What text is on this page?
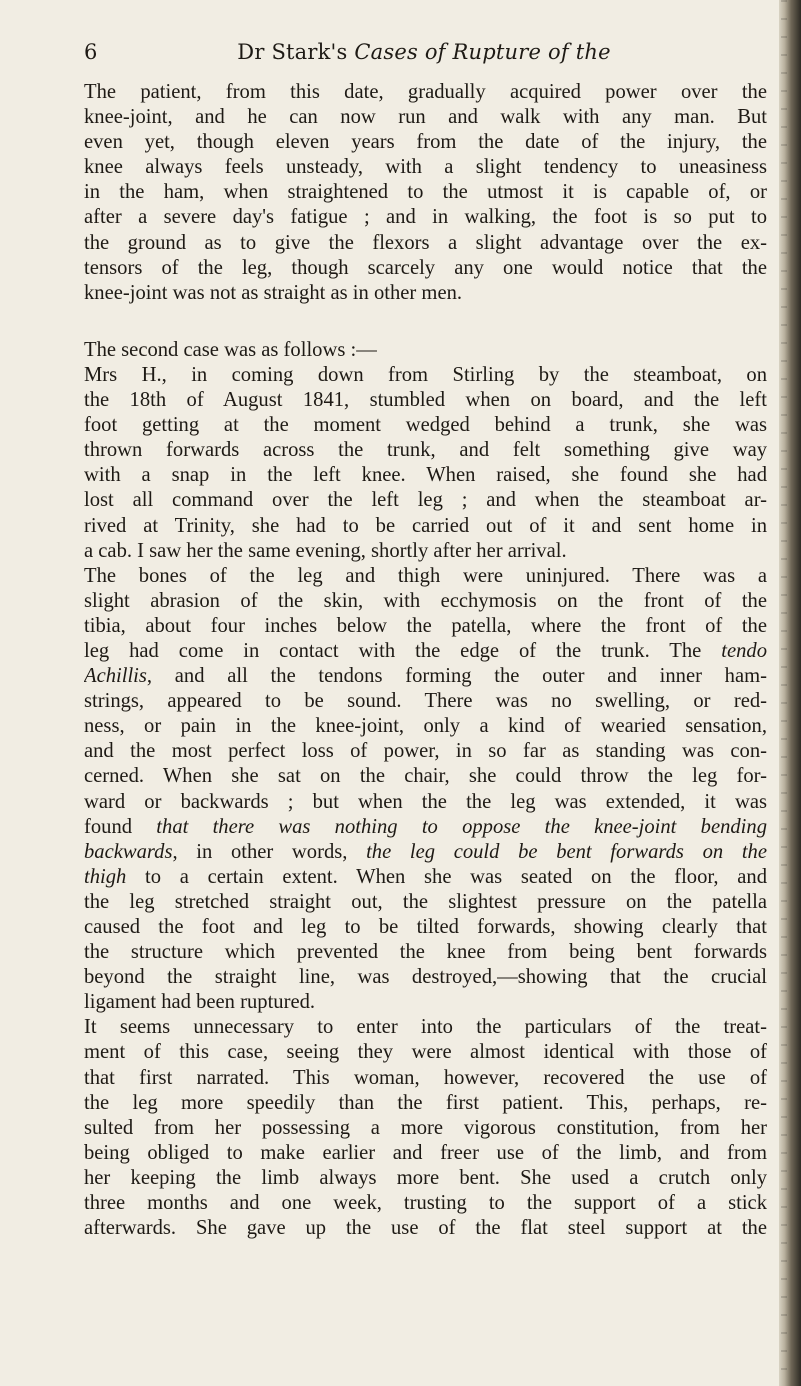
6	Dr Stark's Cases of Rupture of the
The patient, from this date, gradually acquired power over the
knee-joint, and he can now run and walk with any man. But
even yet, though eleven years from the date of the injury, the
knee always feels unsteady, with a slight tendency to uneasiness
in the ham, when straightened to the utmost it is capable of, or
after a severe day's fatigue ; and in walking, the foot is so put to
the ground as to give the flexors a slight advantage over the ex-
tensors of the leg, though scarcely any one would notice that the
knee-joint was not as straight as in other men.
The second case was as follows :—
Mrs H., in coming down from Stirling by the steamboat, on
the 18th of August 1841, stumbled when on board, and the left
foot getting at the moment wedged behind a trunk, she was
thrown forwards across the trunk, and felt something give way
with a snap in the left knee. When raised, she found she had
lost all command over the left leg ; and when the steamboat ar-
rived at Trinity, she had to be carried out of it and sent home in
a cab. I saw her the same evening, shortly after her arrival.
The bones of the leg and thigh were uninjured. There was a
slight abrasion of the skin, with ecchymosis on the front of the
tibia, about four inches below the patella, where the front of the
leg had come in contact with the edge of the trunk. The tendo
Achillis, and all the tendons forming the outer and inner ham-
strings, appeared to be sound. There was no swelling, or red-
ness, or pain in the knee-joint, only a kind of wearied sensation,
and the most perfect loss of power, in so far as standing was con-
cerned. When she sat on the chair, she could throw the leg for-
ward or backwards ; but when the the leg was extended, it was
found that there was nothing to oppose the knee-joint bending
backwards, in other words, the leg could be bent forwards on the
thigh to a certain extent. When she was seated on the floor, and
the leg stretched straight out, the slightest pressure on the patella
caused the foot and leg to be tilted forwards, showing clearly that
the structure which prevented the knee from being bent forwards
beyond the straight line, was destroyed,—showing that the crucial
ligament had been ruptured.
It seems unnecessary to enter into the particulars of the treat-
ment of this case, seeing they were almost identical with those of
that first narrated. This woman, however, recovered the use of
the leg more speedily than the first patient. This, perhaps, re-
sulted from her possessing a more vigorous constitution, from her
being obliged to make earlier and freer use of the limb, and from
her keeping the limb always more bent. She used a crutch only
three months and one week, trusting to the support of a stick
afterwards. She gave up the use of the flat steel support at the
